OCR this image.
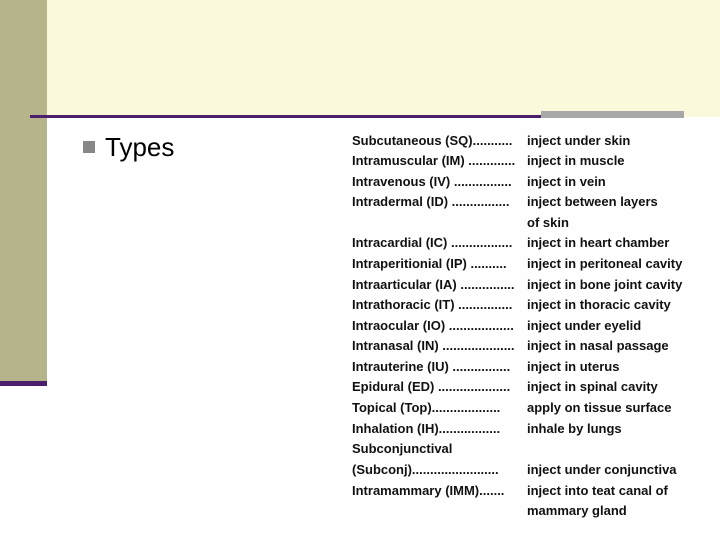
Types	Subcutaneous (SQ)........... inject under skin
Intramuscular (IM) ............. inject in muscle
Intravenous (IV) ................ inject in vein
Intradermal (ID) ................ inject between layers
of skin
Intracardial (IC) ................. inject in heart chamber
Intraperitionial (IP) .......... inject in peritoneal cavity
Intraarticular (IA) ............... inject in bone joint cavity
Intrathoracic (IT) ............... inject in thoracic cavity
Intraocular (IO) .................. inject under eyelid
Intranasal (IN) .................... inject in nasal passage
Intrauterine (IU) ................ inject in uterus
Epidural (ED) .................... inject in spinal cavity
Topical (Top)................... apply on tissue surface
Inhalation (IH)................. inhale by lungs
Subconjunctival
(Subconj)........................ inject under conjunctiva
Intramammary (IMM)....... inject into teat canal of
mammary gland
